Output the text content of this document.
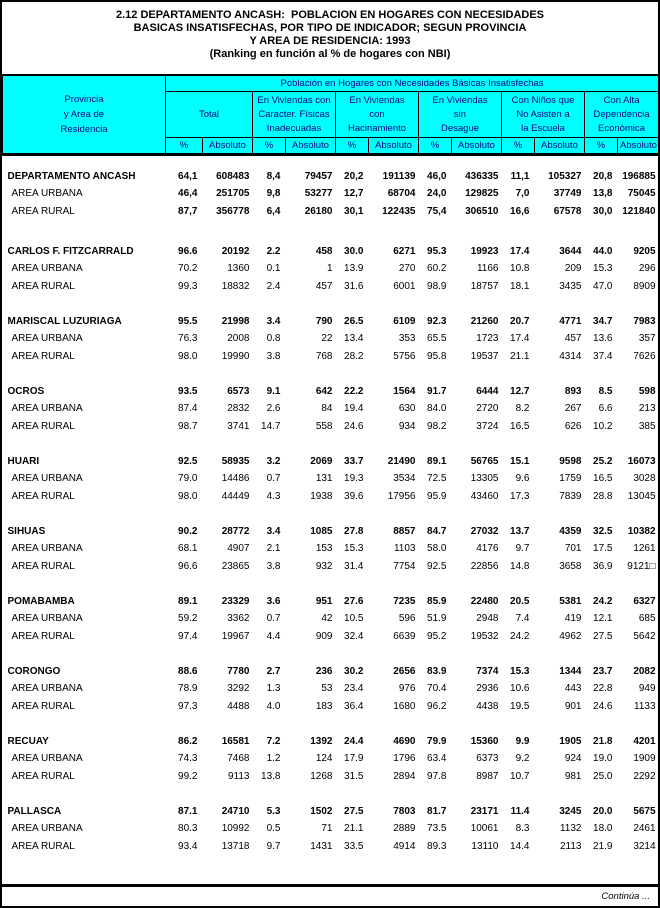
2.12 DEPARTAMENTO ANCASH:  POBLACION EN HOGARES CON NECESIDADES
BASICAS INSATISFECHAS, POR TIPO DE INDICADOR; SEGUN PROVINCIA
Y AREA DE RESIDENCIA: 1993
(Ranking en función al % de hogares con NBI)
Provincia
y Area de
Residencia	Población en Hogares con Necesidades Básicas Insatisfechas											

Total

En Viviendas con
Caracter. Físicas
Inadecuadas

En Viviendas
con
Hacinamiento

En Viviendas
sin
Desague

Con Niños que
No Asisten a
la Escuela

Con Alta
Dependencia
Económica

	%	Absoluto	%	Absoluto	%	Absoluto	%	Absoluto	%	Absoluto	%	Absoluto

DEPARTAMENTO ANCASH	64,1	608483	8,4	79457	20,2	191139	46,0	436335	11,1	105327	20,8	196885
AREA URBANA	46,4	251705	9,8	53277	12,7	68704	24,0	129825	7,0	37749	13,8	75045
AREA RURAL	87,7	356778	6,4	26180	30,1	122435	75,4	306510	16,6	67578	30,0	121840

CARLOS F. FITZCARRALD	96.6	20192	2.2	458	30.0	6271	95.3	19923	17.4	3644	44.0	9205
AREA URBANA	70.2	1360	0.1	1	13.9	270	60.2	1166	10.8	209	15.3	296
AREA RURAL	99.3	18832	2.4	457	31.6	6001	98.9	18757	18.1	3435	47.0	8909

MARISCAL LUZURIAGA	95.5	21998	3.4	790	26.5	6109	92.3	21260	20.7	4771	34.7	7983
AREA URBANA	76.3	2008	0.8	22	13.4	353	65.5	1723	17.4	457	13.6	357
AREA RURAL	98.0	19990	3.8	768	28.2	5756	95.8	19537	21.1	4314	37.4	7626

OCROS	93.5	6573	9.1	642	22.2	1564	91.7	6444	12.7	893	8.5	598
AREA URBANA	87.4	2832	2.6	84	19.4	630	84.0	2720	8.2	267	6.6	213
AREA RURAL	98.7	3741	14.7	558	24.6	934	98.2	3724	16.5	626	10.2	385

HUARI	92.5	58935	3.2	2069	33.7	21490	89.1	56765	15.1	9598	25.2	16073
AREA URBANA	79.0	14486	0.7	131	19.3	3534	72.5	13305	9.6	1759	16.5	3028
AREA RURAL	98.0	44449	4.3	1938	39.6	17956	95.9	43460	17.3	7839	28.8	13045

SIHUAS	90.2	28772	3.4	1085	27.8	8857	84.7	27032	13.7	4359	32.5	10382
AREA URBANA	68.1	4907	2.1	153	15.3	1103	58.0	4176	9.7	701	17.5	1261
AREA RURAL	96.6	23865	3.8	932	31.4	7754	92.5	22856	14.8	3658	36.9	9121□

POMABAMBA	89.1	23329	3.6	951	27.6	7235	85.9	22480	20.5	5381	24.2	6327
AREA URBANA	59.2	3362	0.7	42	10.5	596	51.9	2948	7.4	419	12.1	685
AREA RURAL	97.4	19967	4.4	909	32.4	6639	95.2	19532	24.2	4962	27.5	5642

CORONGO	88.6	7780	2.7	236	30.2	2656	83.9	7374	15.3	1344	23.7	2082
AREA URBANA	78.9	3292	1.3	53	23.4	976	70.4	2936	10.6	443	22.8	949
AREA RURAL	97.3	4488	4.0	183	36.4	1680	96.2	4438	19.5	901	24.6	1133

RECUAY	86.2	16581	7.2	1392	24.4	4690	79.9	15360	9.9	1905	21.8	4201
AREA URBANA	74.3	7468	1.2	124	17.9	1796	63.4	6373	9.2	924	19.0	1909
AREA RURAL	99.2	9113	13.8	1268	31.5	2894	97.8	8987	10.7	981	25.0	2292

PALLASCA	87.1	24710	5.3	1502	27.5	7803	81.7	23171	11.4	3245	20.0	5675
AREA URBANA	80.3	10992	0.5	71	21.1	2889	73.5	10061	8.3	1132	18.0	2461
AREA RURAL	93.4	13718	9.7	1431	33.5	4914	89.3	13110	14.4	2113	21.9	3214
Continúa ...
